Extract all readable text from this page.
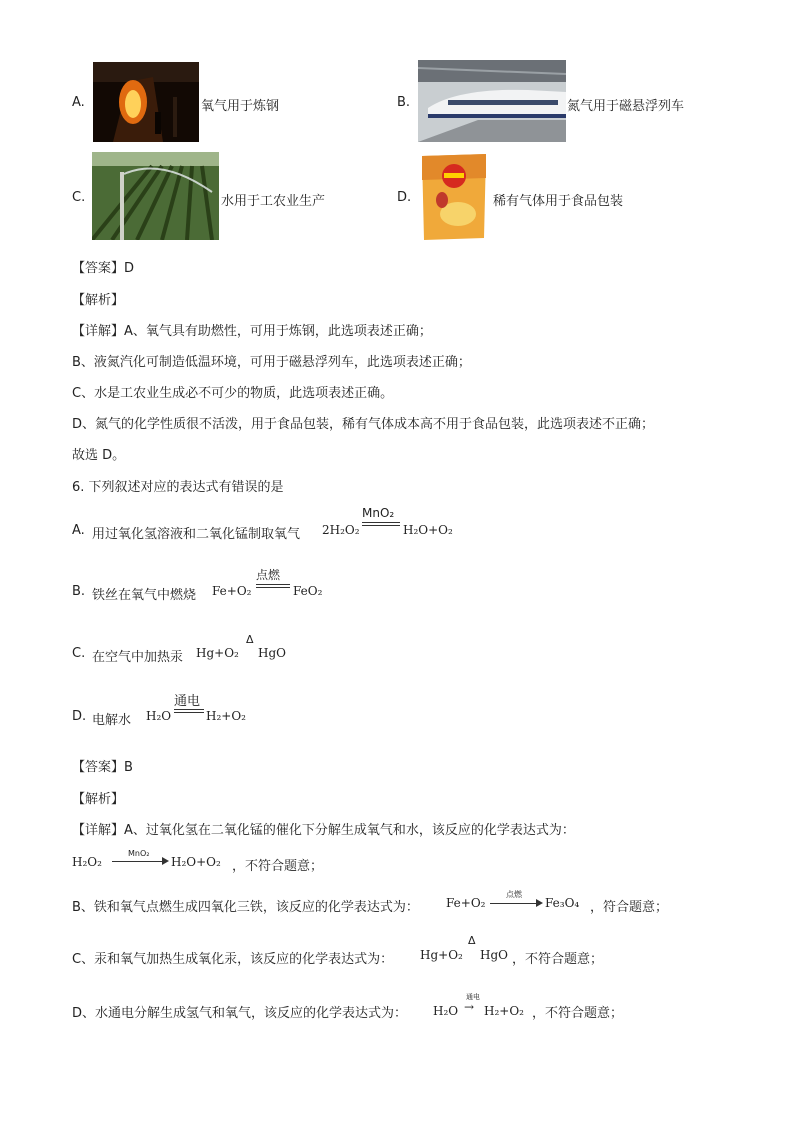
A.	氧气用于炼钢	B.	氮气用于磁悬浮列车
C.	水用于工农业生产	D.	稀有气体用于食品包装
【答案】D
【解析】
【详解】A、氧气具有助燃性，可用于炼钢，此选项表述正确；
B、液氮汽化可制造低温环境，可用于磁悬浮列车，此选项表述正确；
C、水是工农业生成必不可少的物质，此选项表述正确。
D、氮气的化学性质很不活泼，用于食品包装，稀有气体成本高不用于食品包装，此选项表述不正确；
故选 D。
6. 下列叙述对应的表达式有错误的是
A. 用过氧化氢溶液和二氧化锰制取氧气 2H₂O₂
MnO₂
H₂O+O₂
B. 铁丝在氧气中燃烧 Fe+O₂
点燃
FeO₂
C. 在空气中加热汞 Hg+O₂
Δ
HgO
D. 电解水 H₂O
通电
H₂+O₂
【答案】B
【解析】
【详解】A、过氧化氢在二氧化锰的催化下分解生成氧气和水，该反应的化学表达式为：
H₂O₂
MnO₂
H₂O+O₂ ，不符合题意；
B、铁和氧气点燃生成四氧化三铁，该反应的化学表达式为： Fe+O₂
点燃
Fe₃O₄ ，符合题意；
C、汞和氧气加热生成氧化汞，该反应的化学表达式为： Hg+O₂
Δ
HgO ，不符合题意；
D、水通电分解生成氢气和氧气，该反应的化学表达式为： H₂O
通电
→ H₂+O₂ ，不符合题意；
